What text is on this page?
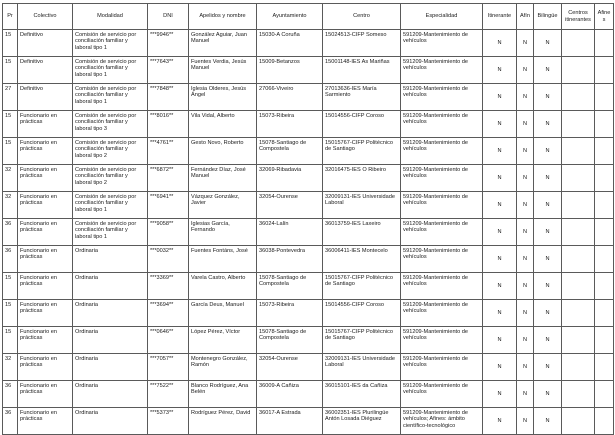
Pr	Colectivo	Modalidad	DNI	Apelidos y nombre	Ayuntamiento	Centro	Especialidad	Itinerante	Afín	Bilingüe	Centros itinerantes	Afines
15	Definitivo	Comisión de servicio por conciliación familiar y laboral tipo 1	***9946**	González Aguiar, Juan Manuel	15030-A Coruña	15024513-CIFP Someso	591209-Mantenimiento de vehículos	N	N	N		
15	Definitivo	Comisión de servicio por conciliación familiar y laboral tipo 1	***7643**	Fuentes Verdia, Jesús Manuel	15009-Betanzos	15001148-IES As Mariñas	591209-Mantenimiento de vehículos	N	N	N		
27	Definitivo	Comisión de servicio por conciliación familiar y laboral tipo 1	***7848**	Iglesia Olderes, Jesús Ángel	27066-Viveiro	27013636-IES María Sarmiento	591209-Mantenimiento de vehículos	N	N	N		
15	Funcionario en prácticas	Comisión de servicio por conciliación familiar y laboral tipo 3	***8016**	Vila Vidal, Alberto	15073-Ribeira	15014556-CIFP Coroso	591209-Mantenimiento de vehículos	N	N	N		
15	Funcionario en prácticas	Comisión de servicio por conciliación familiar y laboral tipo 2	***4761**	Gesto Novo, Roberto	15078-Santiago de Compostela	15015767-CIFP Politécnico de Santiago	591209-Mantenimiento de vehículos	N	N	N		
32	Funcionario en prácticas	Comisión de servicio por conciliación familiar y laboral tipo 2	***6872**	Fernández Díaz, José Manuel	32069-Ribadavia	32016475-IES O Ribeiro	591209-Mantenimiento de vehículos	N	N	N		
32	Funcionario en prácticas	Comisión de servicio por conciliación familiar y laboral tipo 1	***6941**	Vázquez González, Javier	32054-Ourense	32009131-IES Universidade Laboral	591209-Mantenimiento de vehículos	N	N	N		
36	Funcionario en prácticas	Comisión de servicio por conciliación familiar y laboral tipo 1	***9058**	Iglesias García, Fernando	36024-Lalín	36013759-IES Laxeiro	591209-Mantenimiento de vehículos	N	N	N		
36	Funcionario en prácticas	Ordinaria	***0032**	Fuentes Fontáns, José	36038-Pontevedra	36006411-IES Montecelo	591209-Mantenimiento de vehículos	N	N	N		
15	Funcionario en prácticas	Ordinaria	***3369**	Varela Castro, Alberto	15078-Santiago de Compostela	15015767-CIFP Politécnico de Santiago	591209-Mantenimiento de vehículos	N	N	N		
15	Funcionario en prácticas	Ordinaria	***3694**	García Deus, Manuel	15073-Ribeira	15014556-CIFP Coroso	591209-Mantenimiento de vehículos	N	N	N		
15	Funcionario en prácticas	Ordinaria	***0646**	López Pérez, Víctor	15078-Santiago de Compostela	15015767-CIFP Politécnico de Santiago	591209-Mantenimiento de vehículos	N	N	N		
32	Funcionario en prácticas	Ordinaria	***7057**	Montenegro González, Ramón	32054-Ourense	32009131-IES Universidade Laboral	591209-Mantenimiento de vehículos	N	N	N		
36	Funcionario en prácticas	Ordinaria	***7522**	Blanco Rodríguez, Ana Belén	36009-A Cañiza	36015101-IES da Cañiza	591209-Mantenimiento de vehículos	N	N	N		
36	Funcionario en prácticas	Ordinaria	***5373**	Rodríguez Pérez, David	36017-A Estrada	36002351-IES Plurilingüe Antón Losada Diéguez	591209-Mantenimiento de vehículos; Afines: ámbito científico-tecnológico	N	N	N		
